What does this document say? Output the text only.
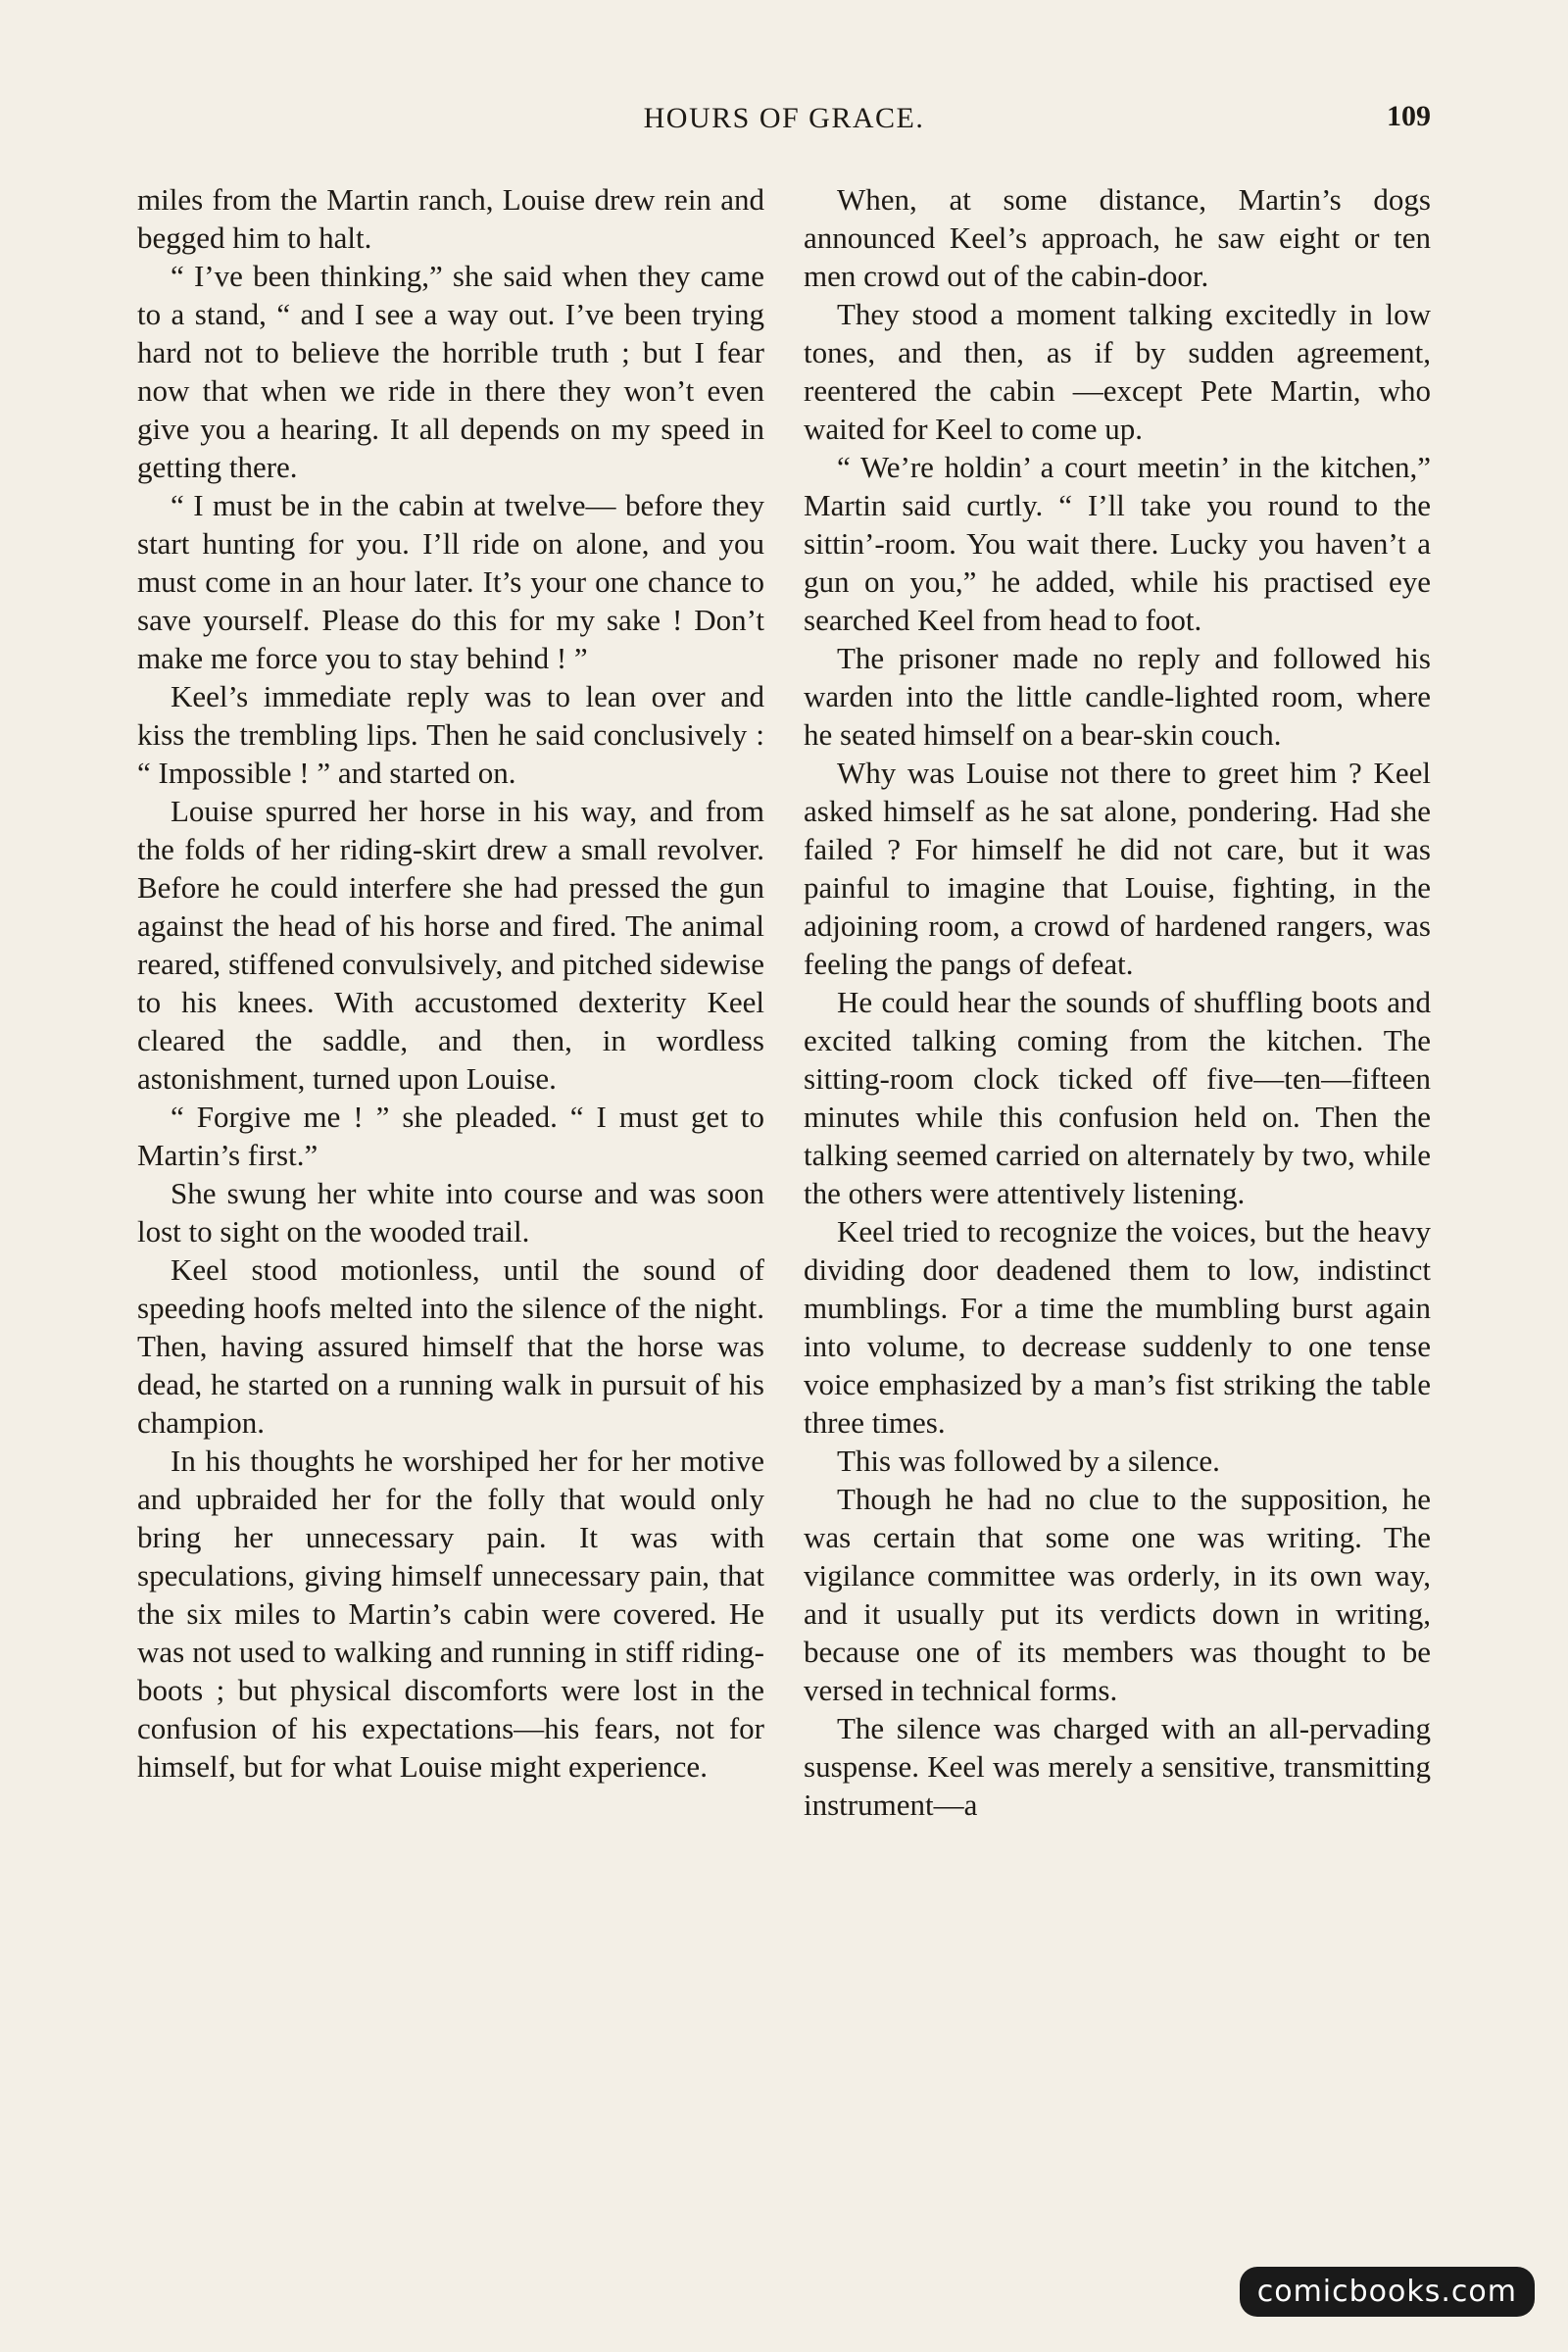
HOURS OF GRACE.	109

miles from the Martin ranch, Louise drew rein and begged him to halt.

“ I’ve been thinking,” she said when they came to a stand, “ and I see a way out. I’ve been trying hard not to believe the horrible truth ; but I fear now that when we ride in there they won’t even give you a hearing. It all depends on my speed in getting there.

“ I must be in the cabin at twelve— before they start hunting for you. I’ll ride on alone, and you must come in an hour later. It’s your one chance to save yourself. Please do this for my sake ! Don’t make me force you to stay behind ! ”

Keel’s immediate reply was to lean over and kiss the trembling lips. Then he said conclusively : “ Impossible ! ” and started on.

Louise spurred her horse in his way, and from the folds of her riding-skirt drew a small revolver. Before he could interfere she had pressed the gun against the head of his horse and fired. The animal reared, stiffened convulsively, and pitched sidewise to his knees. With accustomed dexterity Keel cleared the saddle, and then, in wordless astonishment, turned upon Louise.

“ Forgive me ! ” she pleaded. “ I must get to Martin’s first.”

She swung her white into course and was soon lost to sight on the wooded trail.

Keel stood motionless, until the sound of speeding hoofs melted into the silence of the night. Then, having assured himself that the horse was dead, he started on a running walk in pursuit of his champion.

In his thoughts he worshiped her for her motive and upbraided her for the folly that would only bring her unnecessary pain. It was with speculations, giving himself unnecessary pain, that the six miles to Martin’s cabin were covered. He was not used to walking and running in stiff riding-boots ; but physical discomforts were lost in the confusion of his expectations—his fears, not for himself, but for what Louise might experience.

When, at some distance, Martin’s dogs announced Keel’s approach, he saw eight or ten men crowd out of the cabin-door.

They stood a moment talking excitedly in low tones, and then, as if by sudden agreement, reentered the cabin —except Pete Martin, who waited for Keel to come up.

“ We’re holdin’ a court meetin’ in the kitchen,” Martin said curtly. “ I’ll take you round to the sittin’-room. You wait there. Lucky you haven’t a gun on you,” he added, while his practised eye searched Keel from head to foot.

The prisoner made no reply and followed his warden into the little candle-lighted room, where he seated himself on a bear-skin couch.

Why was Louise not there to greet him ? Keel asked himself as he sat alone, pondering. Had she failed ? For himself he did not care, but it was painful to imagine that Louise, fighting, in the adjoining room, a crowd of hardened rangers, was feeling the pangs of defeat.

He could hear the sounds of shuffling boots and excited talking coming from the kitchen. The sitting-room clock ticked off five—ten—fifteen minutes while this confusion held on. Then the talking seemed carried on alternately by two, while the others were attentively listening.

Keel tried to recognize the voices, but the heavy dividing door deadened them to low, indistinct mumblings. For a time the mumbling burst again into volume, to decrease suddenly to one tense voice emphasized by a man’s fist striking the table three times.

This was followed by a silence.

Though he had no clue to the supposition, he was certain that some one was writing. The vigilance committee was orderly, in its own way, and it usually put its verdicts down in writing, because one of its members was thought to be versed in technical forms.

The silence was charged with an all-pervading suspense. Keel was merely a sensitive, transmitting instrument—a

comicbooks.com
